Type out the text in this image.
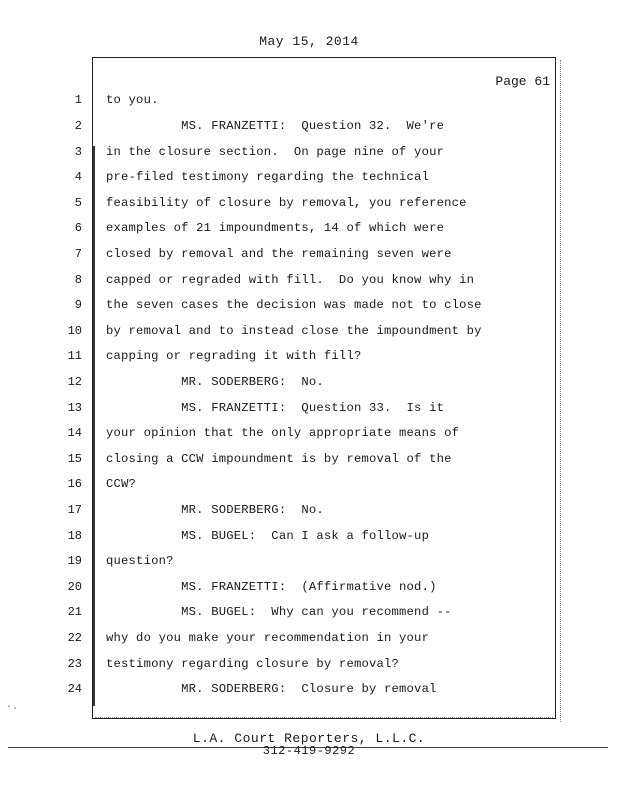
May 15, 2014
Page 61
1 to you.
2 MS. FRANZETTI:  Question 32.  We're
3 in the closure section.  On page nine of your
4 pre-filed testimony regarding the technical
5 feasibility of closure by removal, you reference
6 examples of 21 impoundments, 14 of which were
7 closed by removal and the remaining seven were
8 capped or regraded with fill.  Do you know why in
9 the seven cases the decision was made not to close
10 by removal and to instead close the impoundment by
11 capping or regrading it with fill?
12 MR. SODERBERG:  No.
13 MS. FRANZETTI:  Question 33.  Is it
14 your opinion that the only appropriate means of
15 closing a CCW impoundment is by removal of the
16 CCW?
17 MR. SODERBERG:  No.
18 MS. BUGEL:  Can I ask a follow-up
19 question?
20 MS. FRANZETTI:  (Affirmative nod.)
21 MS. BUGEL:  Why can you recommend --
22 why do you make your recommendation in your
23 testimony regarding closure by removal?
24 MR. SODERBERG:  Closure by removal
·.
L.A. Court Reporters, L.L.C.
312-419-9292
